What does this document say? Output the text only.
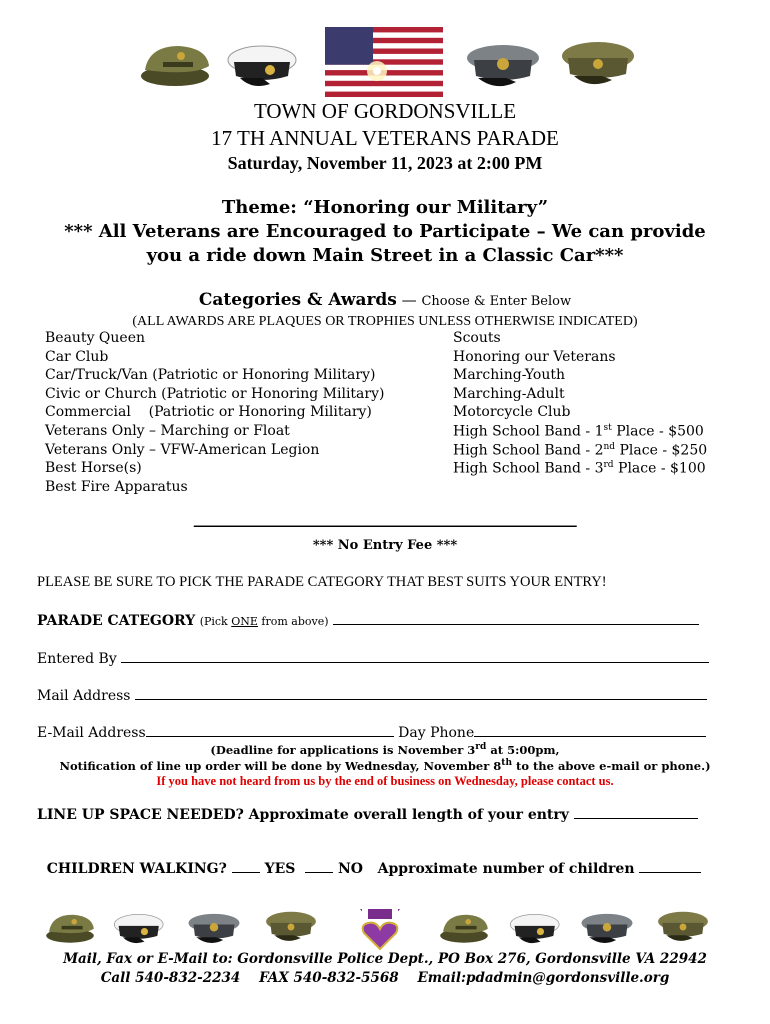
TOWN OF GORDONSVILLE
17 TH ANNUAL VETERANS PARADE
Saturday, November 11, 2023 at 2:00 PM
Theme: “Honoring our Military”
*** All Veterans are Encouraged to Participate – We can provide
you a ride down Main Street in a Classic Car***
Categories & Awards — Choose & Enter Below
(ALL AWARDS ARE PLAQUES OR TROPHIES UNLESS OTHERWISE INDICATED)
Beauty Queen
Car Club
Car/Truck/Van (Patriotic or Honoring Military)
Civic or Church (Patriotic or Honoring Military)
Commercial    (Patriotic or Honoring Military)
Veterans Only – Marching or Float
Veterans Only – VFW-American Legion
Best Horse(s)
Best Fire Apparatus
Scouts
Honoring our Veterans
Marching-Youth
Marching-Adult
Motorcycle Club
High School Band - 1st Place - $500
High School Band - 2nd Place - $250
High School Band - 3rd Place - $100
___________________________________________________
*** No Entry Fee ***
PLEASE BE SURE TO PICK THE PARADE CATEGORY THAT BEST SUITS YOUR ENTRY!
PARADE CATEGORY (Pick ONE from above)
Entered By
Mail Address
E-Mail Address	Day Phone
(Deadline for applications is November 3rd at 5:00pm,
Notification of line up order will be done by Wednesday, November 8th to the above e-mail or phone.)
If you have not heard from us by the end of business on Wednesday, please contact us.
LINE UP SPACE NEEDED? Approximate overall length of your entry

CHILDREN WALKING?	YES	NO Approximate number of children

Mail, Fax or E-Mail to: Gordonsville Police Dept., PO Box 276, Gordonsville VA 22942
Call 540-832-2234    FAX 540-832-5568    Email:pdadmin@gordonsville.org
